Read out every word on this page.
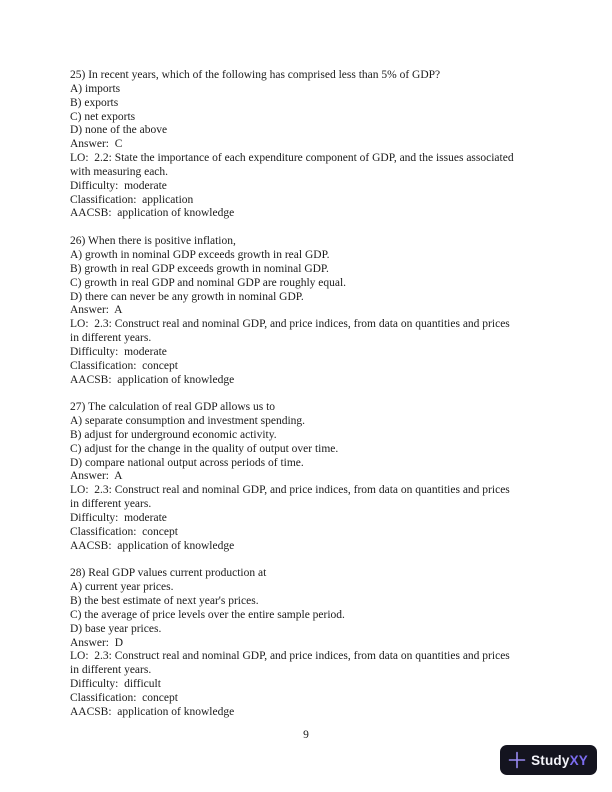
25) In recent years, which of the following has comprised less than 5% of GDP?
A) imports
B) exports
C) net exports
D) none of the above
Answer:  C
LO:  2.2: State the importance of each expenditure component of GDP, and the issues associated
with measuring each.
Difficulty:  moderate
Classification:  application
AACSB:  application of knowledge
26) When there is positive inflation,
A) growth in nominal GDP exceeds growth in real GDP.
B) growth in real GDP exceeds growth in nominal GDP.
C) growth in real GDP and nominal GDP are roughly equal.
D) there can never be any growth in nominal GDP.
Answer:  A
LO:  2.3: Construct real and nominal GDP, and price indices, from data on quantities and prices
in different years.
Difficulty:  moderate
Classification:  concept
AACSB:  application of knowledge
27) The calculation of real GDP allows us to
A) separate consumption and investment spending.
B) adjust for underground economic activity.
C) adjust for the change in the quality of output over time.
D) compare national output across periods of time.
Answer:  A
LO:  2.3: Construct real and nominal GDP, and price indices, from data on quantities and prices
in different years.
Difficulty:  moderate
Classification:  concept
AACSB:  application of knowledge
28) Real GDP values current production at
A) current year prices.
B) the best estimate of next year's prices.
C) the average of price levels over the entire sample period.
D) base year prices.
Answer:  D
LO:  2.3: Construct real and nominal GDP, and price indices, from data on quantities and prices
in different years.
Difficulty:  difficult
Classification:  concept
AACSB:  application of knowledge
9
StudyXY
